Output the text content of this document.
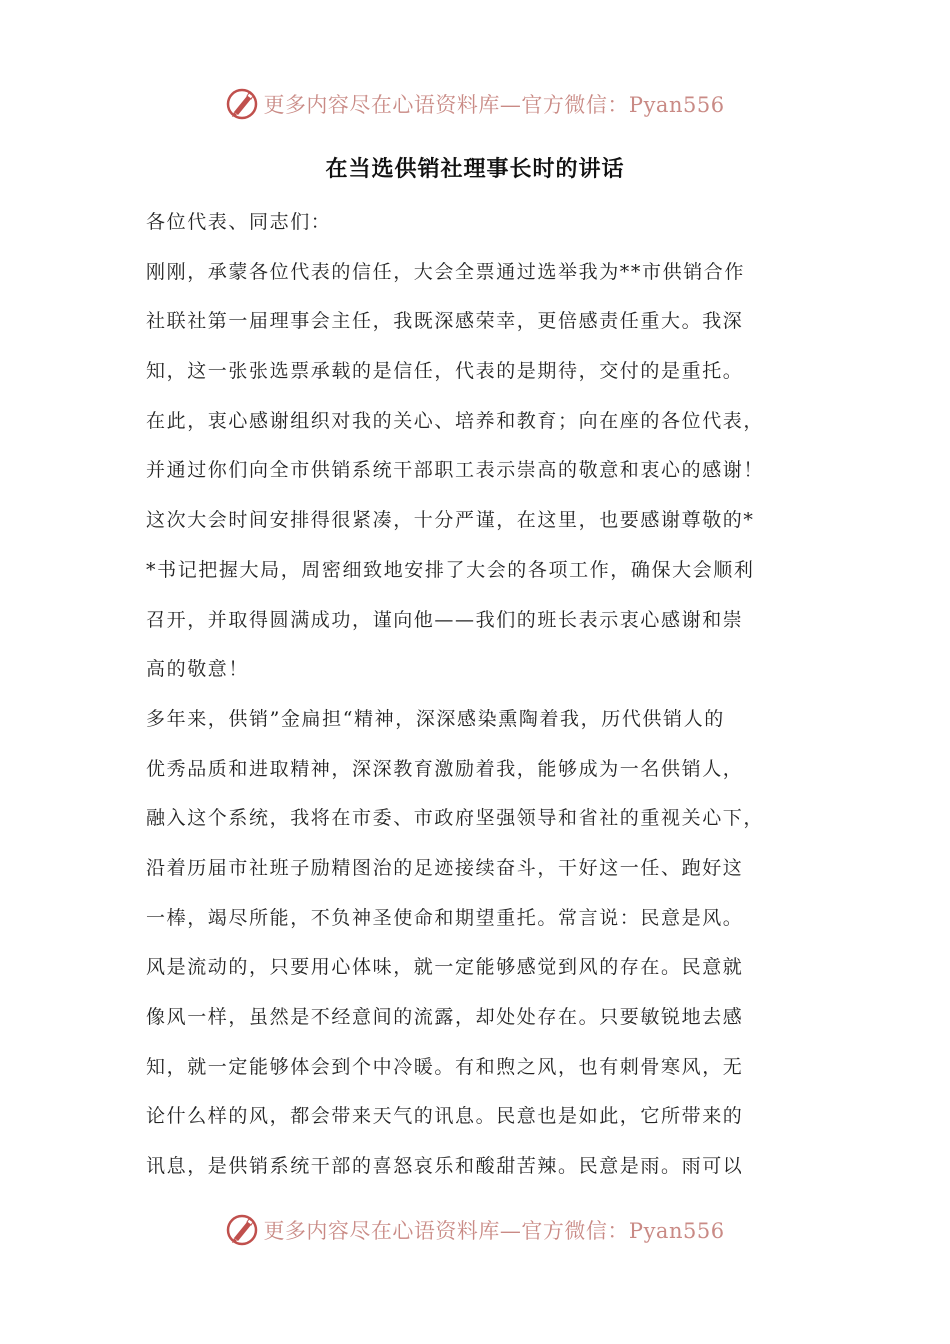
更多内容尽在心语资料库—官方微信：Pyan556
在当选供销社理事长时的讲话
各位代表、同志们：
刚刚，承蒙各位代表的信任，大会全票通过选举我为**市供销合作
社联社第一届理事会主任，我既深感荣幸，更倍感责任重大。我深
知，这一张张选票承载的是信任，代表的是期待，交付的是重托。
在此，衷心感谢组织对我的关心、培养和教育；向在座的各位代表，
并通过你们向全市供销系统干部职工表示崇高的敬意和衷心的感谢！
这次大会时间安排得很紧凑，十分严谨，在这里，也要感谢尊敬的*
*书记把握大局，周密细致地安排了大会的各项工作，确保大会顺利
召开，并取得圆满成功，谨向他——我们的班长表示衷心感谢和崇
高的敬意！
多年来，供销”金扁担“精神，深深感染熏陶着我，历代供销人的
优秀品质和进取精神，深深教育激励着我，能够成为一名供销人，
融入这个系统，我将在市委、市政府坚强领导和省社的重视关心下，
沿着历届市社班子励精图治的足迹接续奋斗，干好这一任、跑好这
一棒，竭尽所能，不负神圣使命和期望重托。常言说：民意是风。
风是流动的，只要用心体味，就一定能够感觉到风的存在。民意就
像风一样，虽然是不经意间的流露，却处处存在。只要敏锐地去感
知，就一定能够体会到个中冷暖。有和煦之风，也有刺骨寒风，无
论什么样的风，都会带来天气的讯息。民意也是如此，它所带来的
讯息，是供销系统干部的喜怒哀乐和酸甜苦辣。民意是雨。雨可以
更多内容尽在心语资料库—官方微信：Pyan556
